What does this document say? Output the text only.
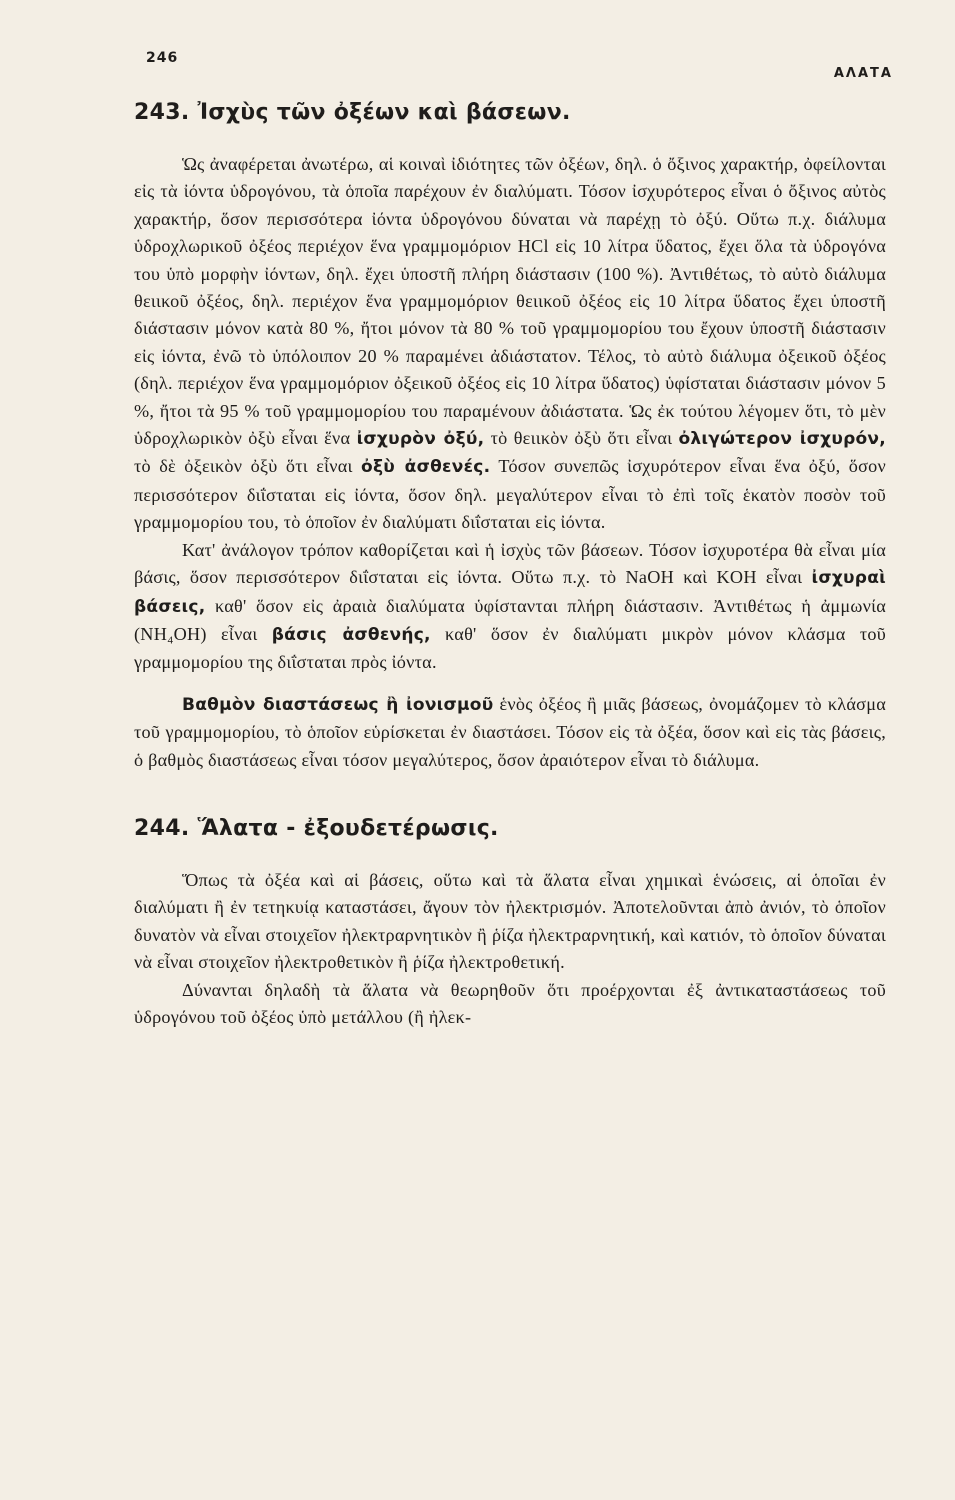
246
ΑΛΑΤΑ
243. Ἰσχὺς τῶν ὀξέων καὶ βάσεων.

Ὡς ἀναφέρεται ἀνωτέρω, αἱ κοιναὶ ἰδιότητες τῶν ὀξέων, δηλ. ὁ ὄξινος χαρακτήρ, ὀφείλονται εἰς τὰ ἰόντα ὑδρογόνου, τὰ ὁποῖα παρέχουν ἐν διαλύματι. Τόσον ἰσχυρότερος εἶναι ὁ ὄξινος αὐτὸς χαρακτήρ, ὅσον περισσότερα ἰόντα ὑδρογόνου δύναται νὰ παρέχῃ τὸ ὀξύ. Οὕτω π.χ. διάλυμα ὑδροχλωρικοῦ ὀξέος περιέχον ἕνα γραμμομόριον HCl εἰς 10 λίτρα ὕδατος, ἔχει ὅλα τὰ ὑδρογόνα του ὑπὸ μορφὴν ἰόντων, δηλ. ἔχει ὑποστῆ πλήρη διάστασιν (100 %). Ἀντιθέτως, τὸ αὐτὸ διάλυμα θειικοῦ ὀξέος, δηλ. περιέχον ἕνα γραμμομόριον θειικοῦ ὀξέος εἰς 10 λίτρα ὕδατος ἔχει ὑποστῆ διάστασιν μόνον κατὰ 80 %, ἤτοι μόνον τὰ 80 % τοῦ γραμμομορίου του ἔχουν ὑποστῆ διάστασιν εἰς ἰόντα, ἐνῶ τὸ ὑπόλοιπον 20 % παραμένει ἀδιάστατον. Τέλος, τὸ αὐτὸ διάλυμα ὀξεικοῦ ὀξέος (δηλ. περιέχον ἕνα γραμμομόριον ὀξεικοῦ ὀξέος εἰς 10 λίτρα ὕδατος) ὑφίσταται διάστασιν μόνον 5 %, ἤτοι τὰ 95 % τοῦ γραμμομορίου του παραμένουν ἀδιάστατα. Ὡς ἐκ τούτου λέγομεν ὅτι, τὸ μὲν ὑδροχλωρικὸν ὀξὺ εἶναι ἕνα ἰσχυρὸν ὀξύ, τὸ θειικὸν ὀξὺ ὅτι εἶναι ὀλιγώτερον ἰσχυρόν, τὸ δὲ ὀξεικὸν ὀξὺ ὅτι εἶναι ὀξὺ ἀσθενές. Τόσον συνεπῶς ἰσχυρότερον εἶναι ἕνα ὀξύ, ὅσον περισσότερον διΐσταται εἰς ἰόντα, ὅσον δηλ. μεγαλύτερον εἶναι τὸ ἐπὶ τοῖς ἑκατὸν ποσὸν τοῦ γραμμομορίου του, τὸ ὁποῖον ἐν διαλύματι διΐσταται εἰς ἰόντα.

Κατ' ἀνάλογον τρόπον καθορίζεται καὶ ἡ ἰσχὺς τῶν βάσεων. Τόσον ἰσχυροτέρα θὰ εἶναι μία βάσις, ὅσον περισσότερον διΐσταται εἰς ἰόντα. Οὕτω π.χ. τὸ NaOH καὶ KOH εἶναι ἰσχυραὶ βάσεις, καθ' ὅσον εἰς ἀραιὰ διαλύματα ὑφίστανται πλήρη διάστασιν. Ἀντιθέτως ἡ ἀμμωνία (NH₄OH) εἶναι βάσις ἀσθενής, καθ' ὅσον ἐν διαλύματι μικρὸν μόνον κλάσμα τοῦ γραμμομορίου της διΐσταται πρὸς ἰόντα.

Βαθμὸν διαστάσεως ἢ ἰονισμοῦ ἑνὸς ὀξέος ἢ μιᾶς βάσεως, ὀνομάζομεν τὸ κλάσμα τοῦ γραμμομορίου, τὸ ὁποῖον εὑρίσκεται ἐν διαστάσει. Τόσον εἰς τὰ ὀξέα, ὅσον καὶ εἰς τὰς βάσεις, ὁ βαθμὸς διαστάσεως εἶναι τόσον μεγαλύτερος, ὅσον ἀραιότερον εἶναι τὸ διάλυμα.

244. Ἅλατα - ἐξουδετέρωσις.

Ὅπως τὰ ὀξέα καὶ αἱ βάσεις, οὕτω καὶ τὰ ἅλατα εἶναι χημικαὶ ἑνώσεις, αἱ ὁποῖαι ἐν διαλύματι ἢ ἐν τετηκυίᾳ καταστάσει, ἄγουν τὸν ἠλεκτρισμόν. Ἀποτελοῦνται ἀπὸ ἀνιόν, τὸ ὁποῖον δυνατὸν νὰ εἶναι στοιχεῖον ἠλεκτραρνητικὸν ἢ ῥίζα ἠλεκτραρνητική, καὶ κατιόν, τὸ ὁποῖον δύναται νὰ εἶναι στοιχεῖον ἠλεκτροθετικὸν ἢ ῥίζα ἠλεκτροθετική.

Δύνανται δηλαδὴ τὰ ἅλατα νὰ θεωρηθοῦν ὅτι προέρχονται ἐξ ἀντικαταστάσεως τοῦ ὑδρογόνου τοῦ ὀξέος ὑπὸ μετάλλου (ἢ ἠλεκ-
